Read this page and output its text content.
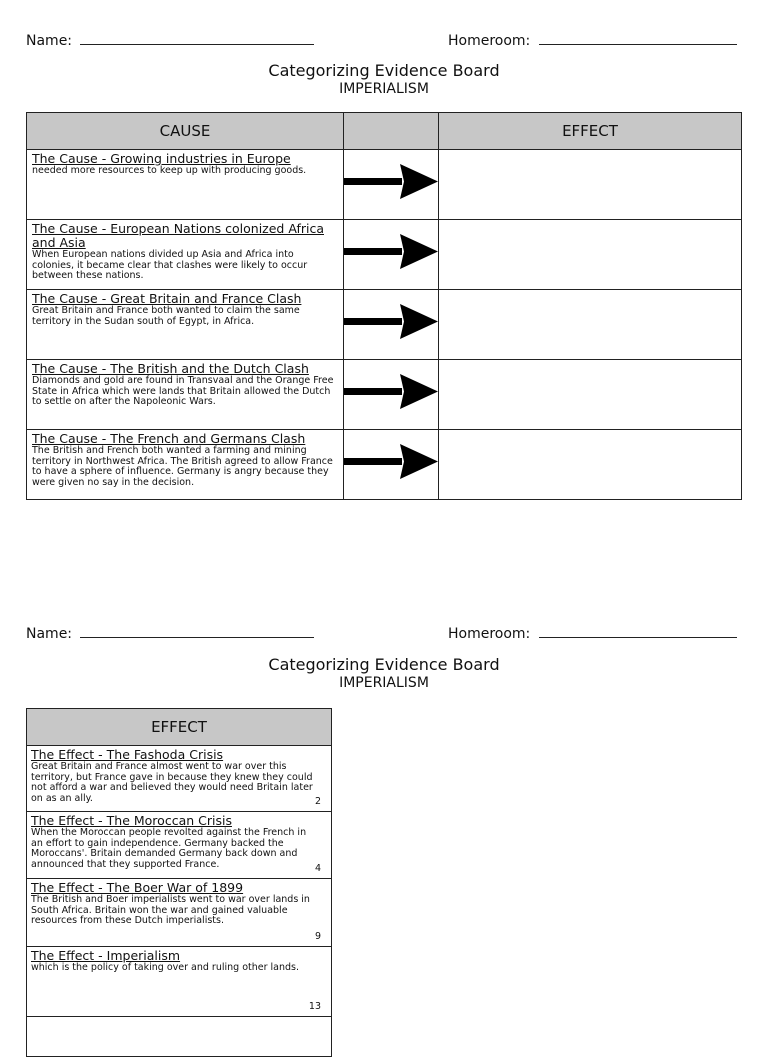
Name:	Homeroom:
Categorizing Evidence Board
IMPERIALISM
CAUSE		EFFECT

The Cause - Growing industries in Europe
needed more resources to keep up with producing goods.

The Cause - European Nations colonized Africa and Asia
When European nations divided up Asia and Africa into colonies, it became clear that clashes were likely to occur between these nations.

The Cause - Great Britain and France Clash
Great Britain and France both wanted to claim the same territory in the Sudan south of Egypt, in Africa.

The Cause - The British and the Dutch Clash
Diamonds and gold are found in Transvaal and the Orange Free State in Africa which were lands that Britain allowed the Dutch to settle on after the Napoleonic Wars.

The Cause - The French and Germans Clash
The British and French both wanted a farming and mining territory in Northwest Africa. The British agreed to allow France to have a sphere of influence. Germany is angry because they were given no say in the decision.

Name:	Homeroom:
Categorizing Evidence Board
IMPERIALISM
EFFECT

The Effect - The Fashoda Crisis
Great Britain and France almost went to war over this territory, but France gave in because they knew they could not afford a war and believed they would need Britain later on as an ally.	2

The Effect - The Moroccan Crisis
When the Moroccan people revolted against the French in an effort to gain independence. Germany backed the Moroccans'. Britain demanded Germany back down and announced that they supported France.	4

The Effect - The Boer War of 1899
The British and Boer imperialists went to war over lands in South Africa. Britain won the war and gained valuable resources from these Dutch imperialists.
9

The Effect - Imperialism
which is the policy of taking over and ruling other lands.
13
